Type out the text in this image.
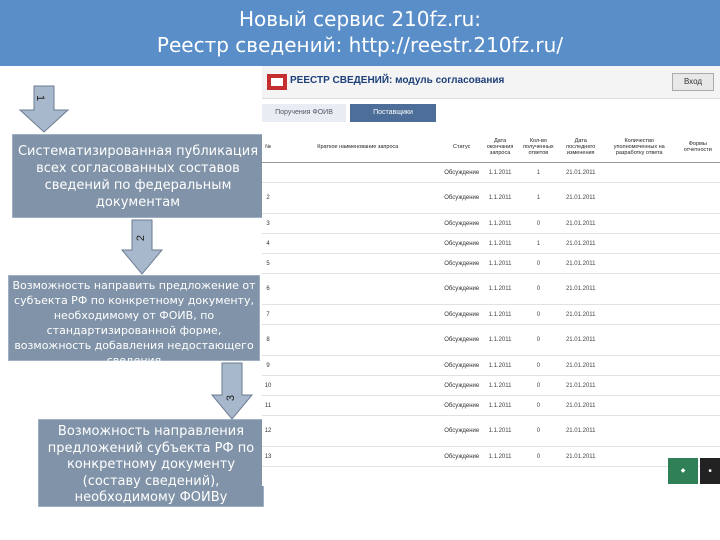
Новый сервис 210fz.ru:
Реестр сведений: http://reestr.210fz.ru/
1
2
3
Систематизированная публикация всех согласованных составов сведений по федеральным документам
Возможность направить предложение от субъекта РФ по конкретному документу, необходимому от ФОИВ, по стандартизированной форме, возможность добавления недостающего сведения
Возможность направления предложений субъекта РФ по конкретному документу (составу сведений), необходимому ФОИВу
РЕЕСТР СВЕДЕНИЙ: модуль согласования	Вход
Поручения ФОИВ	Поставщики РОИВ(ОМСУ)
№	Краткое наименование запроса	Статус	Дата окончания запроса	Кол-во полученных ответов	Дата последнего изменения	Количество уполномоченных на разработку ответа	Формы отчетности
		Обсуждение	1.1.2011	1	21.01.2011		
2		Обсуждение	1.1.2011	1	21.01.2011		
3		Обсуждение	1.1.2011	0	21.01.2011		
4		Обсуждение	1.1.2011	1	21.01.2011		
5		Обсуждение	1.1.2011	0	21.01.2011		
6		Обсуждение	1.1.2011	0	21.01.2011		
7		Обсуждение	1.1.2011	0	21.01.2011		
8		Обсуждение	1.1.2011	0	21.01.2011		
9		Обсуждение	1.1.2011	0	21.01.2011		
10		Обсуждение	1.1.2011	0	21.01.2011		
11		Обсуждение	1.1.2011	0	21.01.2011		
12		Обсуждение	1.1.2011	0	21.01.2011		
13		Обсуждение	1.1.2011	0	21.01.2011		
◆	■
